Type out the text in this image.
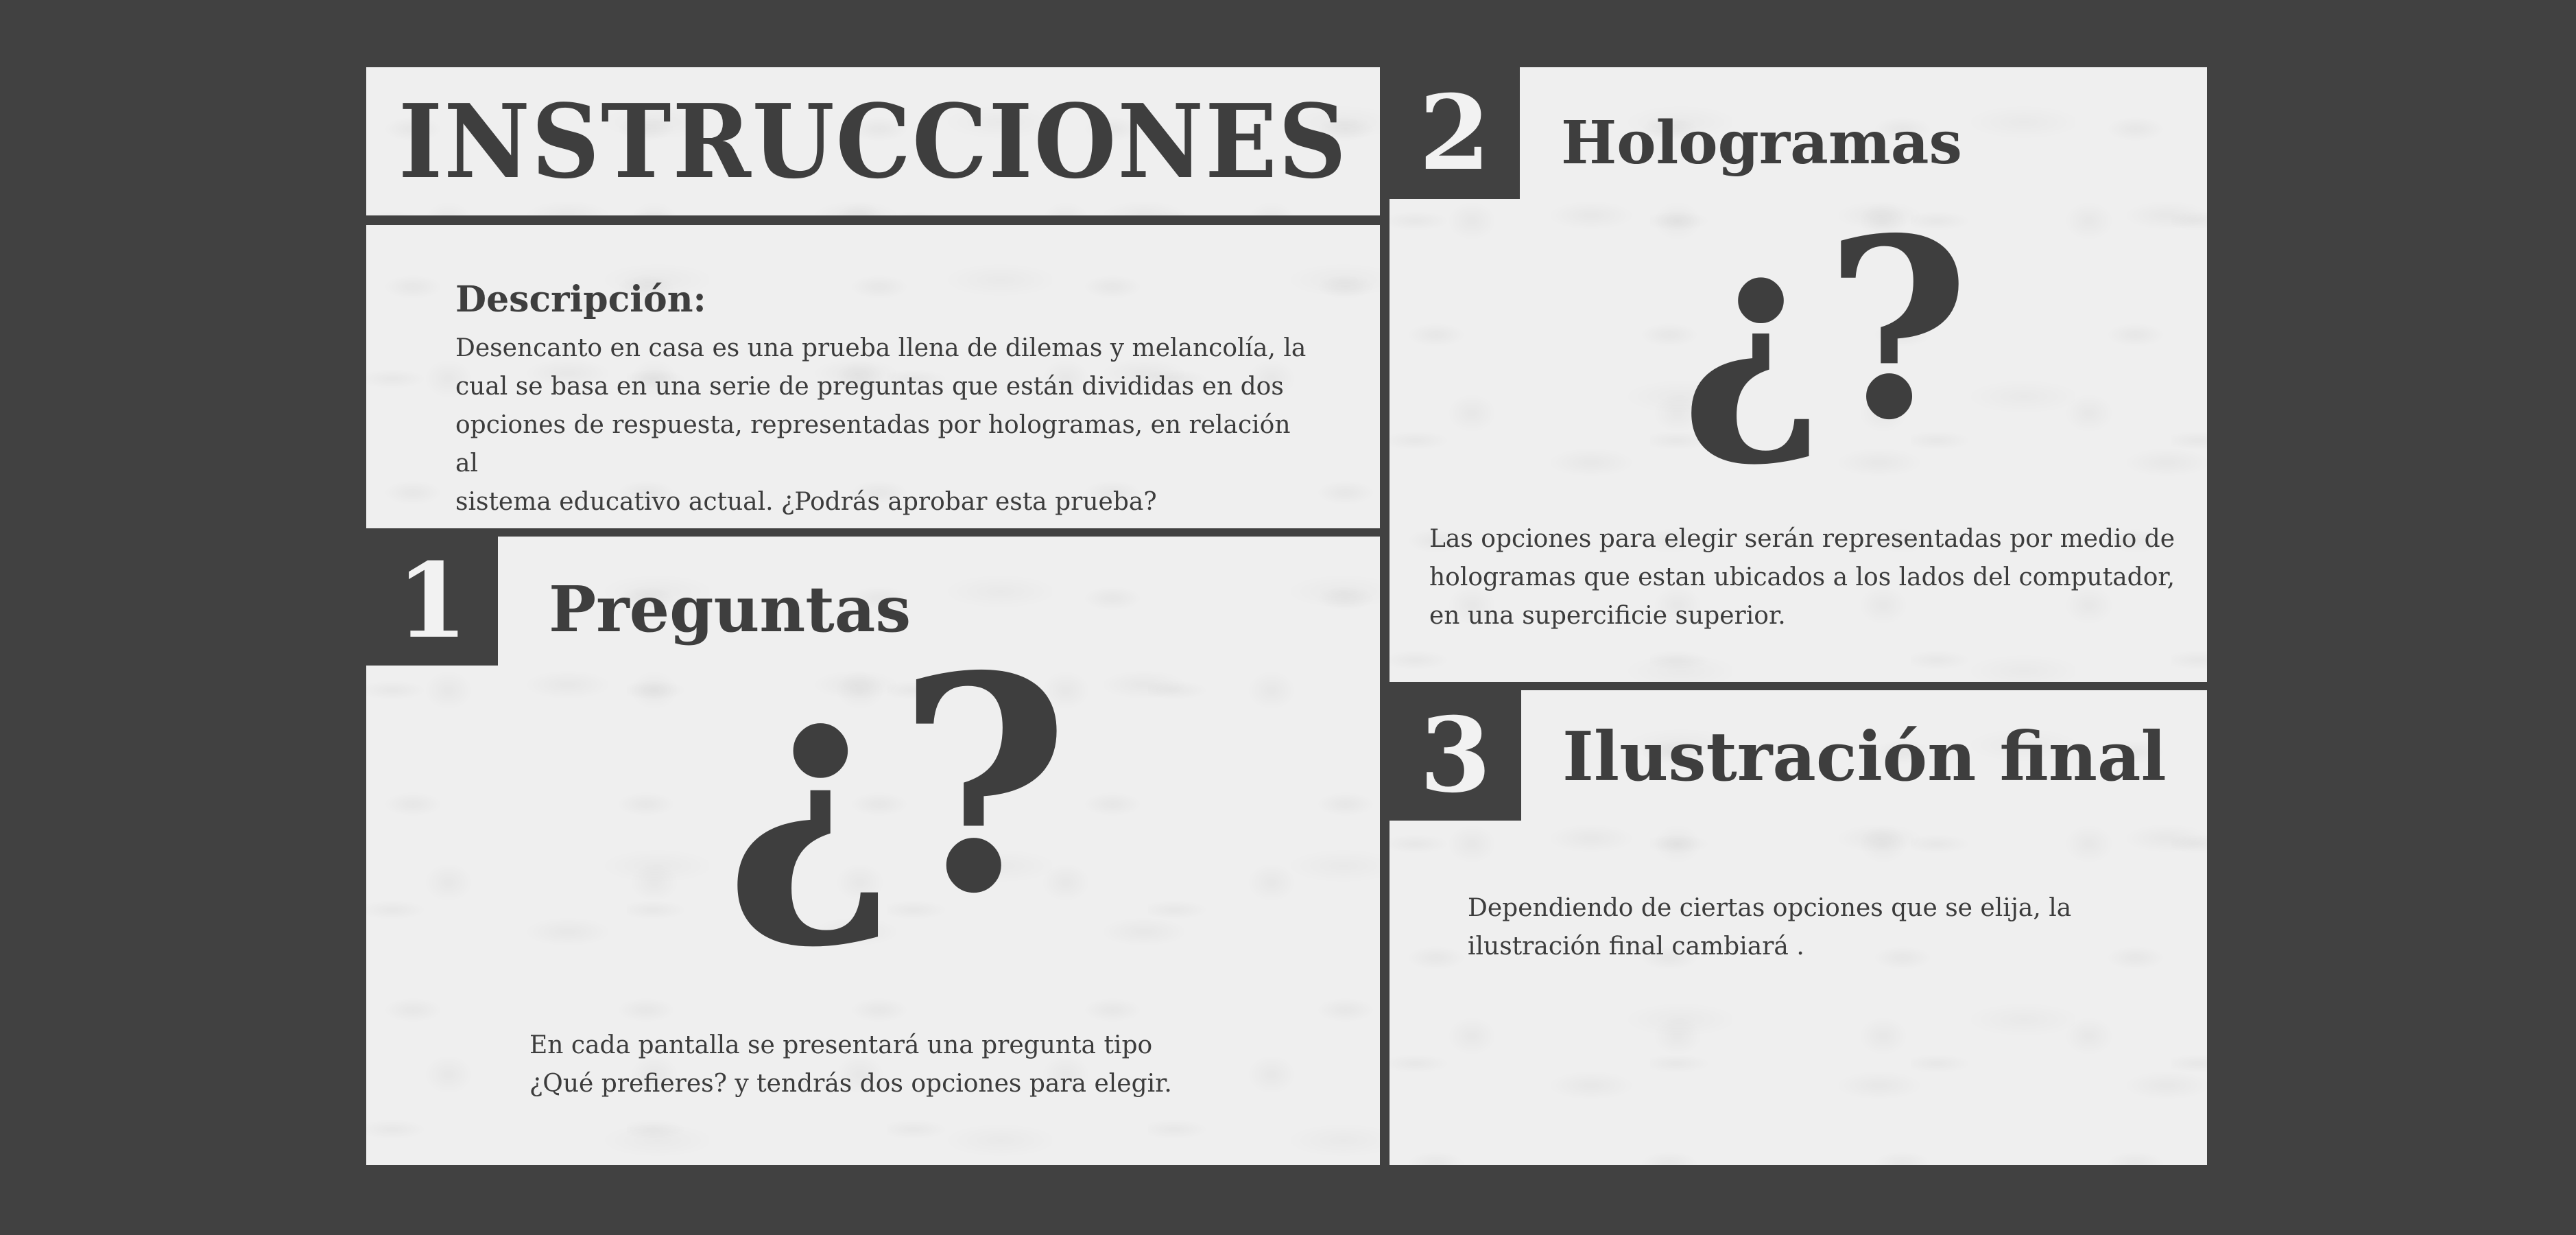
INSTRUCCIONES
Descripción:
Desencanto en casa es una prueba llena de dilemas y melancolía, la
cual se basa en una serie de preguntas que están divididas en dos
opciones de respuesta, representadas por hologramas, en relación al
sistema educativo actual. ¿Podrás aprobar esta prueba?
1	Preguntas
¿?
En cada pantalla se presentará una pregunta tipo
¿Qué prefieres? y tendrás dos opciones para elegir.
2	Hologramas
¿?
Las opciones para elegir serán representadas por medio de
hologramas que estan ubicados a los lados del computador,
en una supercificie superior.
3	Ilustración final
Dependiendo de ciertas opciones que se elija, la
ilustración final cambiará .
